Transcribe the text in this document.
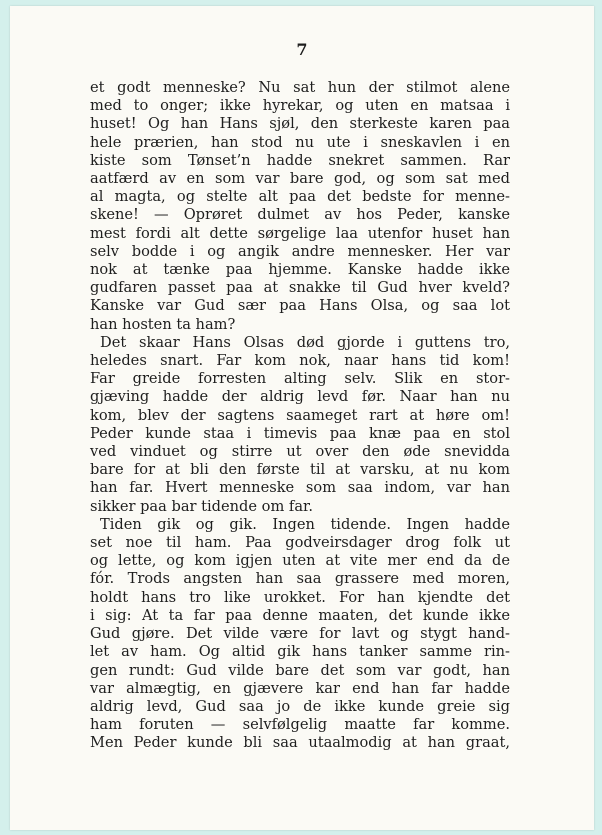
7
et godt menneske? Nu sat hun der stilmot alene
med to onger; ikke hyrekar, og uten en matsaa i
huset! Og han Hans sjøl, den sterkeste karen paa
hele prærien, han stod nu ute i sneskavlen i en
kiste som Tønset’n hadde snekret sammen. Rar
aatfærd av en som var bare god, og som sat med
al magta, og stelte alt paa det bedste for menne-
skene! — Oprøret dulmet av hos Peder, kanske
mest fordi alt dette sørgelige laa utenfor huset han
selv bodde i og angik andre mennesker. Her var
nok at tænke paa hjemme. Kanske hadde ikke
gudfaren passet paa at snakke til Gud hver kveld?
Kanske var Gud sær paa Hans Olsa, og saa lot
han hosten ta ham?
Det skaar Hans Olsas død gjorde i guttens tro,
heledes snart. Far kom nok, naar hans tid kom!
Far greide forresten alting selv. Slik en stor-
gjæving hadde der aldrig levd før. Naar han nu
kom, blev der sagtens saameget rart at høre om!
Peder kunde staa i timevis paa knæ paa en stol
ved vinduet og stirre ut over den øde snevidda
bare for at bli den første til at varsku, at nu kom
han far. Hvert menneske som saa indom, var han
sikker paa bar tidende om far.
Tiden gik og gik. Ingen tidende. Ingen hadde
set noe til ham. Paa godveirsdager drog folk ut
og lette, og kom igjen uten at vite mer end da de
fór. Trods angsten han saa grassere med moren,
holdt hans tro like urokket. For han kjendte det
i sig: At ta far paa denne maaten, det kunde ikke
Gud gjøre. Det vilde være for lavt og stygt hand-
let av ham. Og altid gik hans tanker samme rin-
gen rundt: Gud vilde bare det som var godt, han
var almægtig, en gjævere kar end han far hadde
aldrig levd, Gud saa jo de ikke kunde greie sig
ham foruten — selvfølgelig maatte far komme.
Men Peder kunde bli saa utaalmodig at han graat,
